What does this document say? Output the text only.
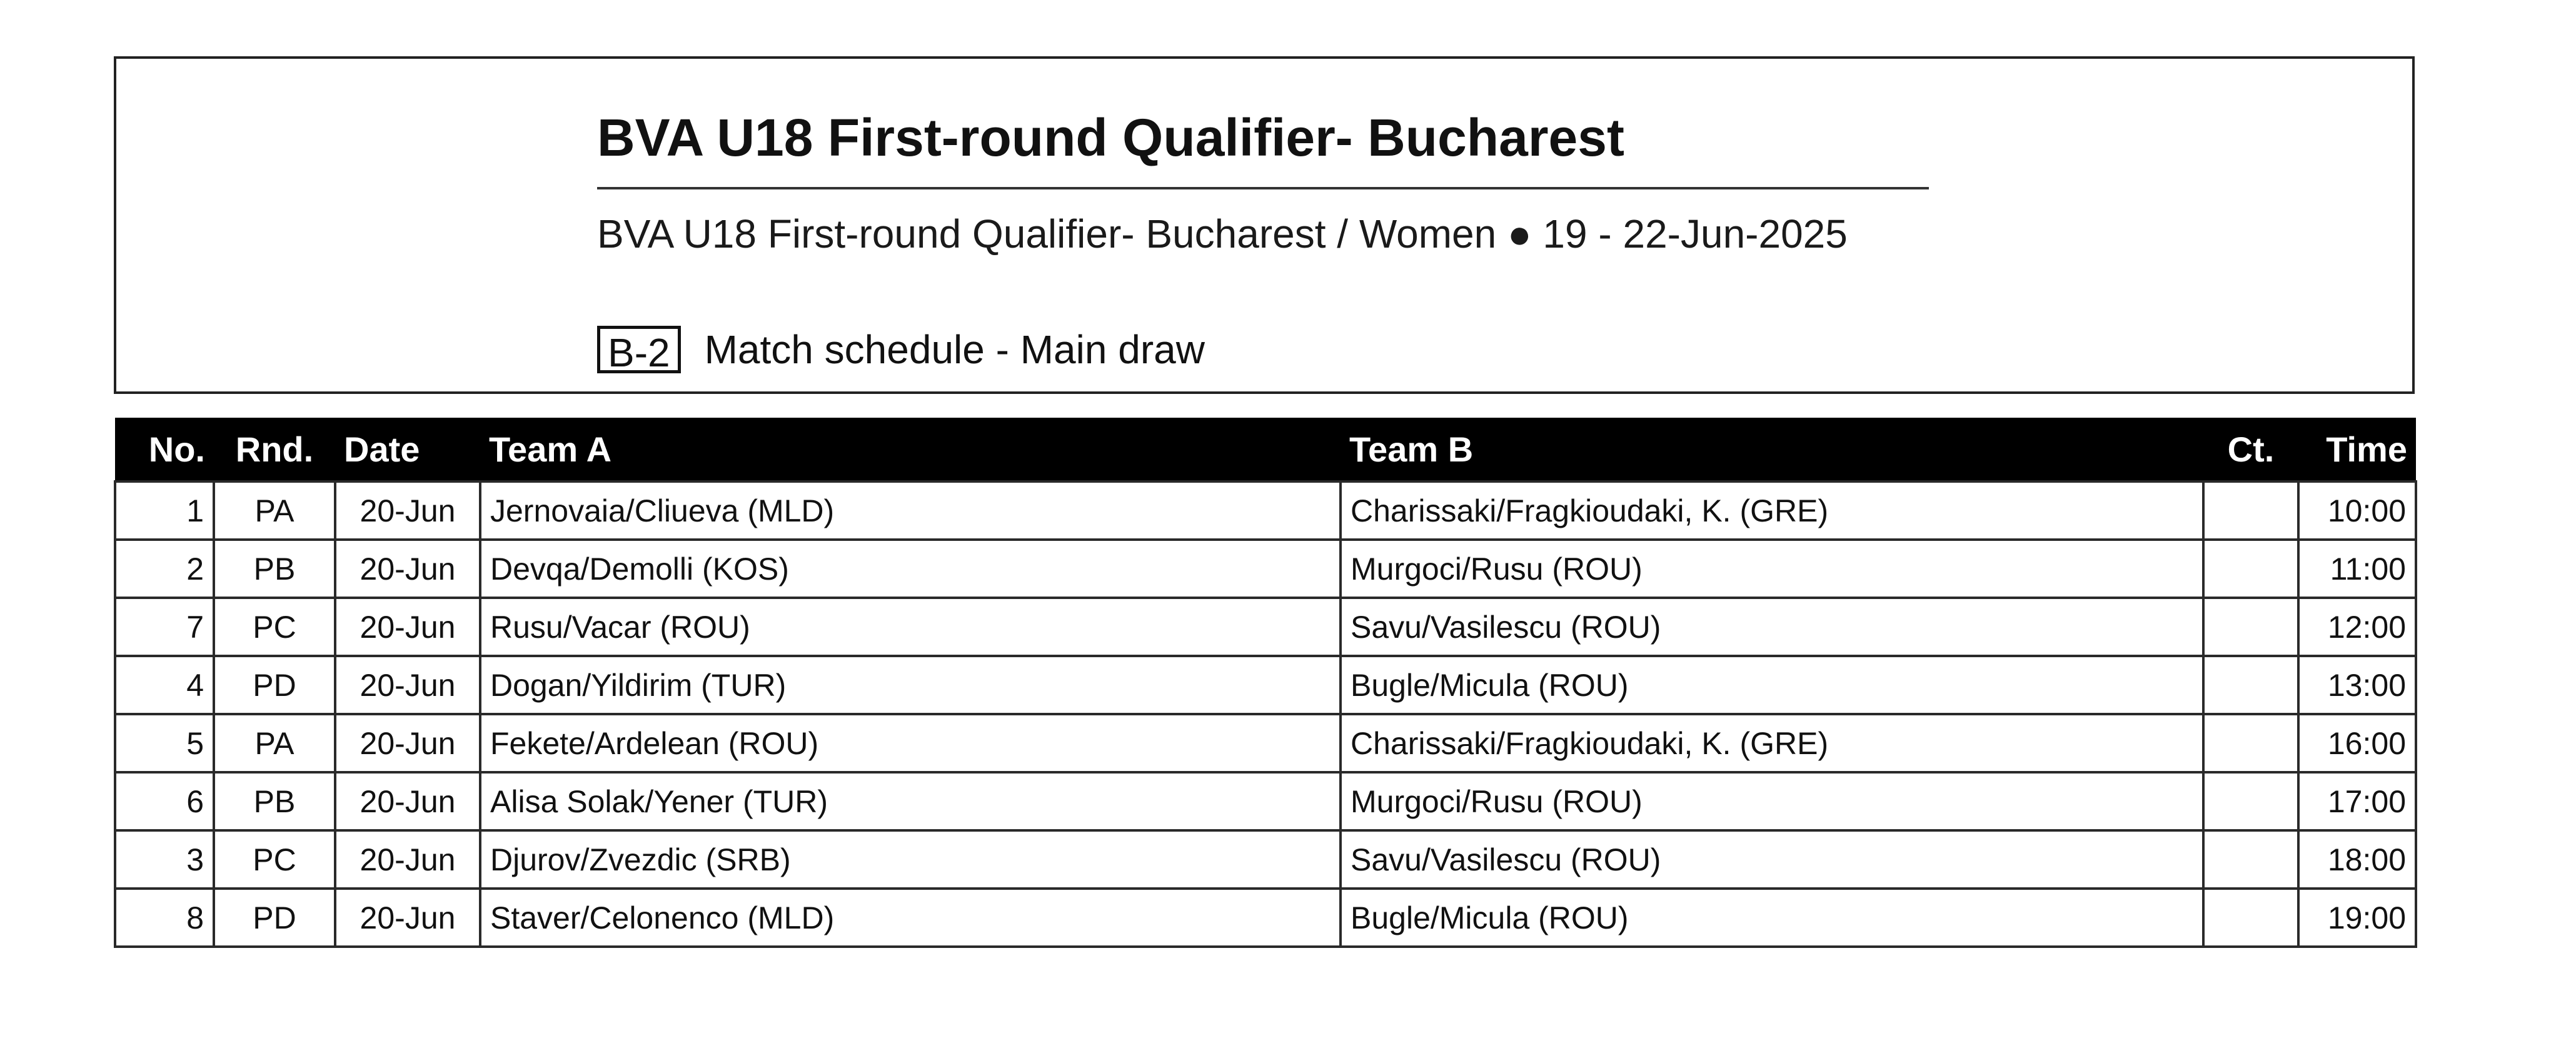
BVA U18 First-round Qualifier- Bucharest
BVA U18 First-round Qualifier- Bucharest / Women ● 19 - 22-Jun-2025
B-2 Match schedule - Main draw
No.	Rnd.	Date	Team A	Team B	Ct.	Time
1	PA	20-Jun	Jernovaia/Cliueva (MLD)	Charissaki/Fragkioudaki, K. (GRE)		10:00
2	PB	20-Jun	Devqa/Demolli (KOS)	Murgoci/Rusu (ROU)		11:00
7	PC	20-Jun	Rusu/Vacar (ROU)	Savu/Vasilescu (ROU)		12:00
4	PD	20-Jun	Dogan/Yildirim (TUR)	Bugle/Micula (ROU)		13:00
5	PA	20-Jun	Fekete/Ardelean (ROU)	Charissaki/Fragkioudaki, K. (GRE)		16:00
6	PB	20-Jun	Alisa Solak/Yener (TUR)	Murgoci/Rusu (ROU)		17:00
3	PC	20-Jun	Djurov/Zvezdic (SRB)	Savu/Vasilescu (ROU)		18:00
8	PD	20-Jun	Staver/Celonenco (MLD)	Bugle/Micula (ROU)		19:00
